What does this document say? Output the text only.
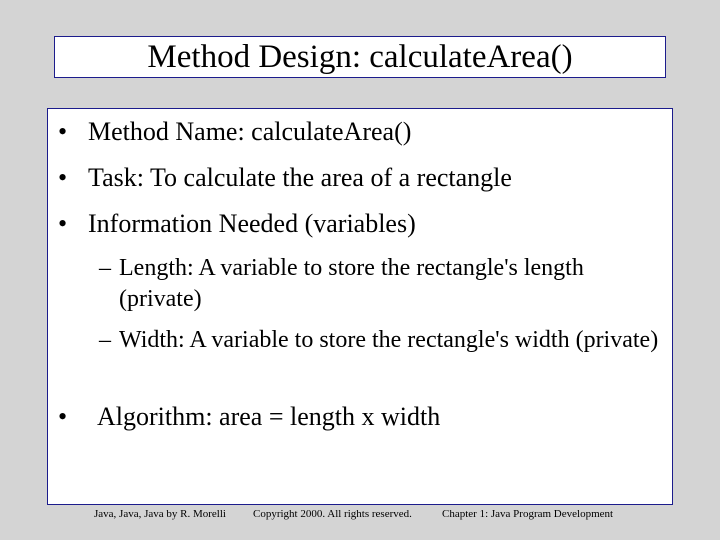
Method Design: calculateArea()
• Method Name: calculateArea()
• Task: To calculate the area of a rectangle
• Information Needed (variables)
– Length: A variable to store the rectangle's length (private)
– Width: A variable to store the rectangle's width (private)
• Algorithm: area = length x width
Java, Java, Java by R. Morelli Copyright 2000. All rights reserved.	Chapter 1: Java Program Development
